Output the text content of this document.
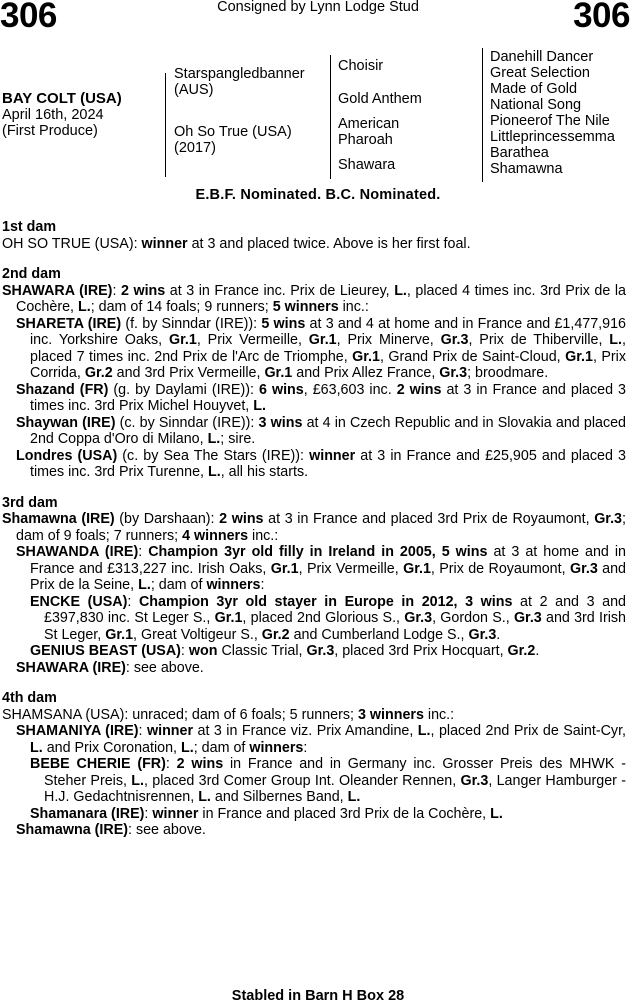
306	Consigned by Lynn Lodge Stud	306
BAY COLT (USA)
April 16th, 2024
(First Produce)
Starspangledbanner
(AUS)
Oh So True (USA)
(2017)
Choisir
Gold Anthem
American
Pharoah
Shawara
Danehill Dancer
Great Selection
Made of Gold
National Song
Pioneerof The Nile
Littleprincessemma
Barathea
Shamawna
E.B.F. Nominated. B.C. Nominated.
1st dam
OH SO TRUE (USA): winner at 3 and placed twice. Above is her first foal.
2nd dam
SHAWARA (IRE): 2 wins at 3 in France inc. Prix de Lieurey, L., placed 4 times inc. 3rd Prix de la Cochère, L.; dam of 14 foals; 9 runners; 5 winners inc.:
SHARETA (IRE) (f. by Sinndar (IRE)): 5 wins at 3 and 4 at home and in France and £1,477,916 inc. Yorkshire Oaks, Gr.1, Prix Vermeille, Gr.1, Prix Minerve, Gr.3, Prix de Thiberville, L., placed 7 times inc. 2nd Prix de l'Arc de Triomphe, Gr.1, Grand Prix de Saint-Cloud, Gr.1, Prix Corrida, Gr.2 and 3rd Prix Vermeille, Gr.1 and Prix Allez France, Gr.3; broodmare.
Shazand (FR) (g. by Daylami (IRE)): 6 wins, £63,603 inc. 2 wins at 3 in France and placed 3 times inc. 3rd Prix Michel Houyvet, L.
Shaywan (IRE) (c. by Sinndar (IRE)): 3 wins at 4 in Czech Republic and in Slovakia and placed 2nd Coppa d'Oro di Milano, L.; sire.
Londres (USA) (c. by Sea The Stars (IRE)): winner at 3 in France and £25,905 and placed 3 times inc. 3rd Prix Turenne, L., all his starts.
3rd dam
Shamawna (IRE) (by Darshaan): 2 wins at 3 in France and placed 3rd Prix de Royaumont, Gr.3; dam of 9 foals; 7 runners; 4 winners inc.:
SHAWANDA (IRE): Champion 3yr old filly in Ireland in 2005, 5 wins at 3 at home and in France and £313,227 inc. Irish Oaks, Gr.1, Prix Vermeille, Gr.1, Prix de Royaumont, Gr.3 and Prix de la Seine, L.; dam of winners:
ENCKE (USA): Champion 3yr old stayer in Europe in 2012, 3 wins at 2 and 3 and £397,830 inc. St Leger S., Gr.1, placed 2nd Glorious S., Gr.3, Gordon S., Gr.3 and 3rd Irish St Leger, Gr.1, Great Voltigeur S., Gr.2 and Cumberland Lodge S., Gr.3.
GENIUS BEAST (USA): won Classic Trial, Gr.3, placed 3rd Prix Hocquart, Gr.2.
SHAWARA (IRE): see above.
4th dam
SHAMSANA (USA): unraced; dam of 6 foals; 5 runners; 3 winners inc.:
SHAMANIYA (IRE): winner at 3 in France viz. Prix Amandine, L., placed 2nd Prix de Saint-Cyr, L. and Prix Coronation, L.; dam of winners:
BEBE CHERIE (FR): 2 wins in France and in Germany inc. Grosser Preis des MHWK - Steher Preis, L., placed 3rd Comer Group Int. Oleander Rennen, Gr.3, Langer Hamburger - H.J. Gedachtnisrennen, L. and Silbernes Band, L.
Shamanara (IRE): winner in France and placed 3rd Prix de la Cochère, L.
Shamawna (IRE): see above.
Stabled in Barn H Box 28
